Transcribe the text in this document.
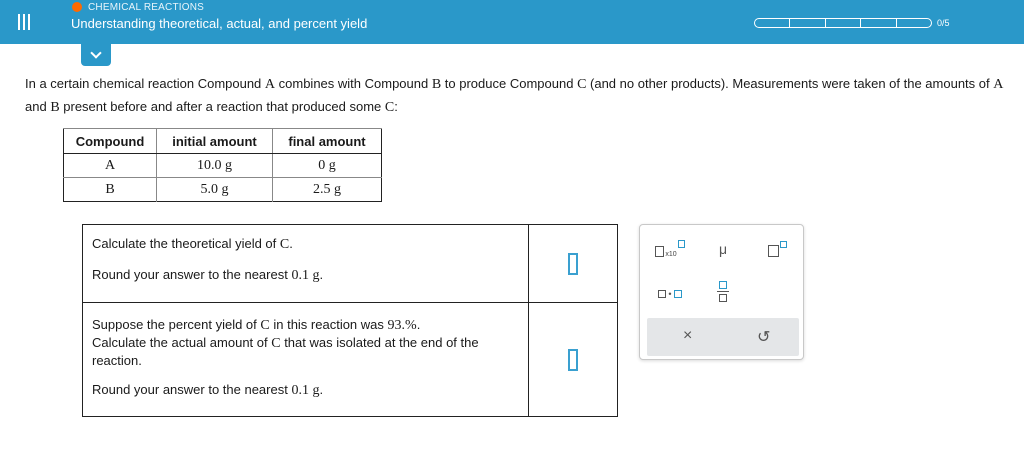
CHEMICAL REACTIONS
Understanding theoretical, actual, and percent yield	0/5
In a certain chemical reaction Compound A combines with Compound B to produce Compound C (and no other products). Measurements were taken of the amounts of A and B present before and after a reaction that produced some C:
Compound	initial amount	final amount
A	10.0 g	0 g
B	5.0 g	2.5 g

Calculate the theoretical yield of C.

Round your answer to the nearest 0.1 g.

Suppose the percent yield of C in this reaction was 93.%.

Calculate the actual amount of C that was isolated at the end of the reaction.

Round your answer to the nearest 0.1 g.

x10	μ
•
×	↺
